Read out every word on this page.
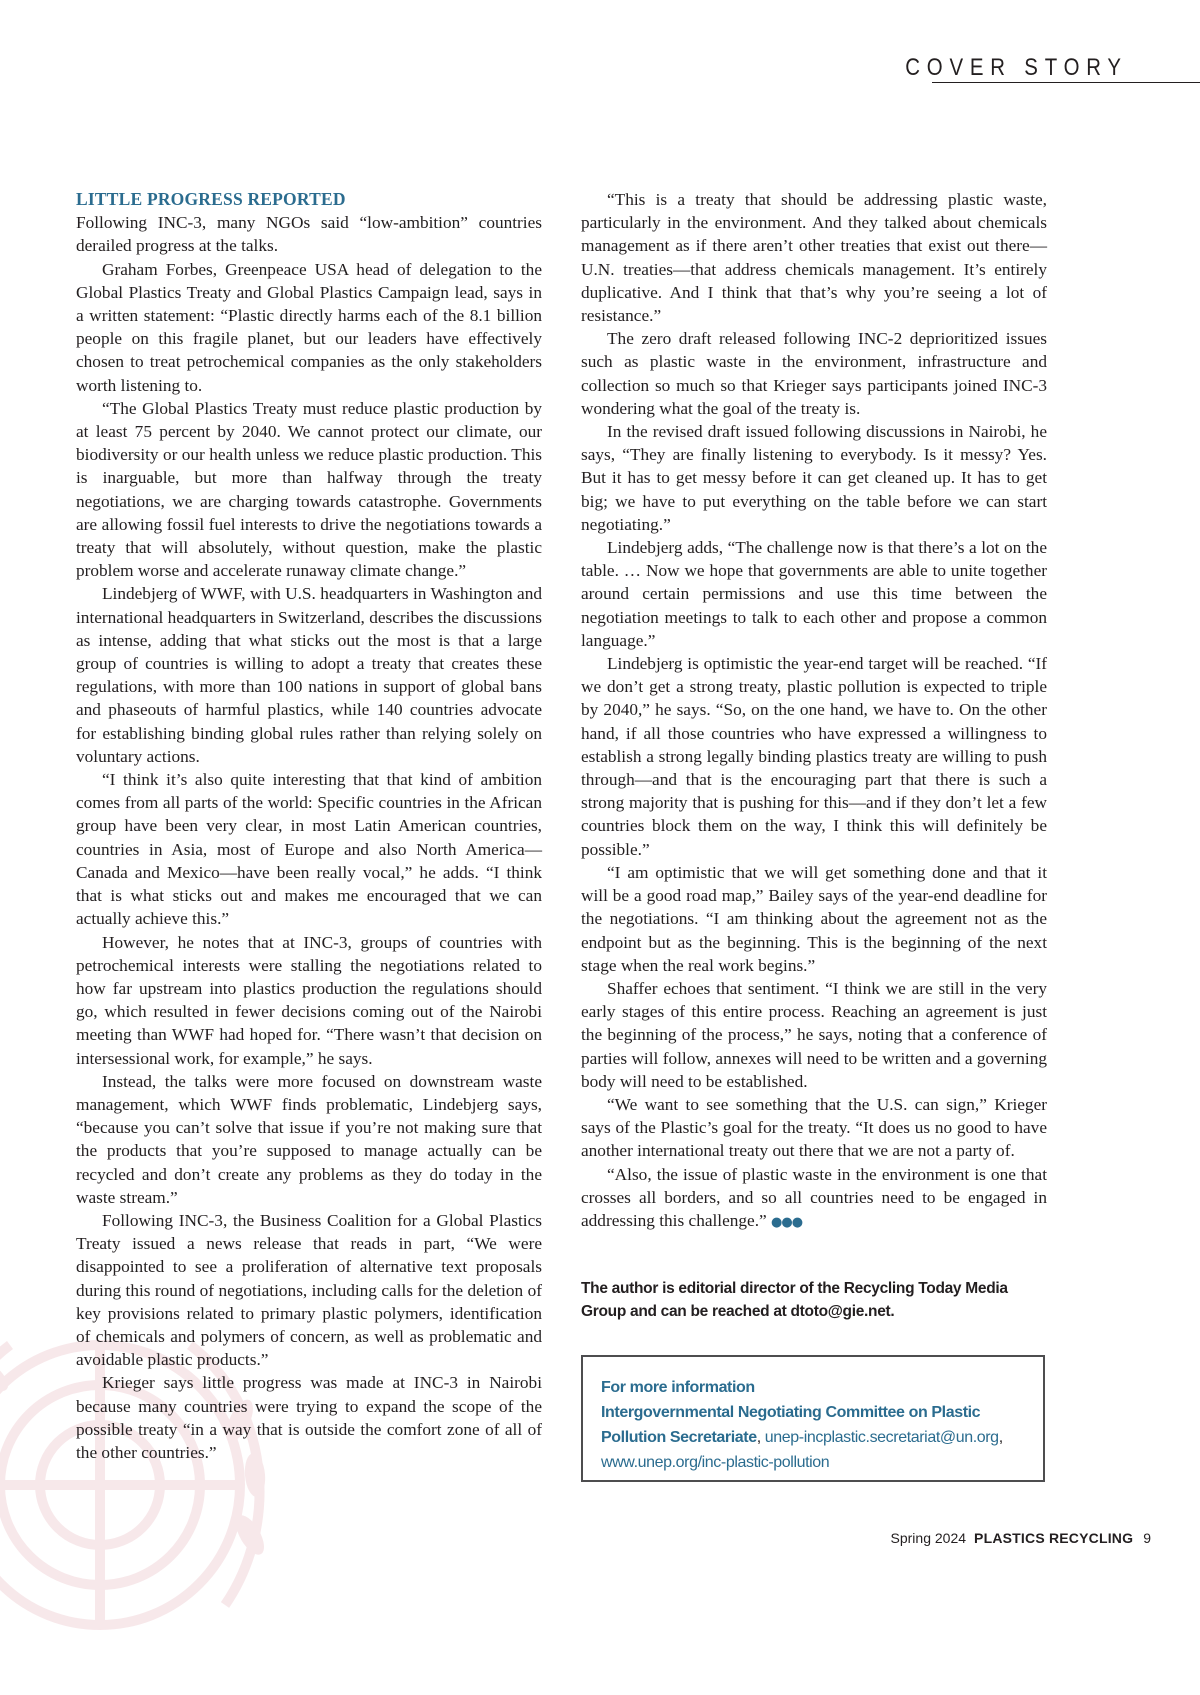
COVER STORY
LITTLE PROGRESS REPORTED

Following INC-3, many NGOs said “low-ambition” countries derailed progress at the talks.

Graham Forbes, Greenpeace USA head of delegation to the Global Plastics Treaty and Global Plastics Campaign lead, says in a written statement: “Plastic directly harms each of the 8.1 billion people on this fragile planet, but our leaders have effectively chosen to treat petrochemical companies as the only stakeholders worth listening to.

“The Global Plastics Treaty must reduce plastic production by at least 75 percent by 2040. We cannot protect our climate, our biodiversity or our health unless we reduce plastic production. This is inarguable, but more than halfway through the treaty negotiations, we are charging towards catastrophe. Governments are allowing fossil fuel interests to drive the negotiations towards a treaty that will absolutely, without question, make the plastic problem worse and accelerate runaway climate change.”

Lindebjerg of WWF, with U.S. headquarters in Washington and international headquarters in Switzerland, describes the discussions as intense, adding that what sticks out the most is that a large group of countries is willing to adopt a treaty that creates these regulations, with more than 100 nations in support of global bans and phaseouts of harmful plastics, while 140 countries advocate for establishing binding global rules rather than relying solely on voluntary actions.

“I think it’s also quite interesting that that kind of ambition comes from all parts of the world: Specific countries in the African group have been very clear, in most Latin American countries, countries in Asia, most of Europe and also North America—Canada and Mexico—have been really vocal,” he adds. “I think that is what sticks out and makes me encouraged that we can actually achieve this.”

However, he notes that at INC-3, groups of countries with petrochemical interests were stalling the negotiations related to how far upstream into plastics production the regulations should go, which resulted in fewer decisions coming out of the Nairobi meeting than WWF had hoped for. “There wasn’t that decision on intersessional work, for example,” he says.

Instead, the talks were more focused on downstream waste management, which WWF finds problematic, Lindebjerg says, “because you can’t solve that issue if you’re not making sure that the products that you’re supposed to manage actually can be recycled and don’t create any problems as they do today in the waste stream.”

Following INC-3, the Business Coalition for a Global Plastics Treaty issued a news release that reads in part, “We were disappointed to see a proliferation of alternative text proposals during this round of negotiations, including calls for the deletion of key provisions related to primary plastic polymers, identification of chemicals and polymers of concern, as well as problematic and avoidable plastic products.”

Krieger says little progress was made at INC-3 in Nairobi because many countries were trying to expand the scope of the possible treaty “in a way that is outside the comfort zone of all of the other countries.”

“This is a treaty that should be addressing plastic waste, particularly in the environment. And they talked about chemicals management as if there aren’t other treaties that exist out there—U.N. treaties—that address chemicals management. It’s entirely duplicative. And I think that that’s why you’re seeing a lot of resistance.”

The zero draft released following INC-2 deprioritized issues such as plastic waste in the environment, infrastructure and collection so much so that Krieger says participants joined INC-3 wondering what the goal of the treaty is.

In the revised draft issued following discussions in Nairobi, he says, “They are finally listening to everybody. Is it messy? Yes. But it has to get messy before it can get cleaned up. It has to get big; we have to put everything on the table before we can start negotiating.”

Lindebjerg adds, “The challenge now is that there’s a lot on the table. … Now we hope that governments are able to unite together around certain permissions and use this time between the negotiation meetings to talk to each other and propose a common language.”

Lindebjerg is optimistic the year-end target will be reached. “If we don’t get a strong treaty, plastic pollution is expected to triple by 2040,” he says. “So, on the one hand, we have to. On the other hand, if all those countries who have expressed a willingness to establish a strong legally binding plastics treaty are willing to push through—and that is the encouraging part that there is such a strong majority that is pushing for this—and if they don’t let a few countries block them on the way, I think this will definitely be possible.”

“I am optimistic that we will get something done and that it will be a good road map,” Bailey says of the year-end deadline for the negotiations. “I am thinking about the agreement not as the endpoint but as the beginning. This is the beginning of the next stage when the real work begins.”

Shaffer echoes that sentiment. “I think we are still in the very early stages of this entire process. Reaching an agreement is just the beginning of the process,” he says, noting that a conference of parties will follow, annexes will need to be written and a governing body will need to be established.

“We want to see something that the U.S. can sign,” Krieger says of the Plastic’s goal for the treaty. “It does us no good to have another international treaty out there that we are not a party of.

“Also, the issue of plastic waste in the environment is one that crosses all borders, and so all countries need to be engaged in addressing this challenge.” ●●●

The author is editorial director of the Recycling Today Media Group and can be reached at dtoto@gie.net.
For more information
Intergovernmental Negotiating Committee on Plastic Pollution Secretariate, unep-incplastic.secretariat@un.org, www.unep.org/inc-plastic-pollution
Spring 2024 PLASTICS RECYCLING 9
